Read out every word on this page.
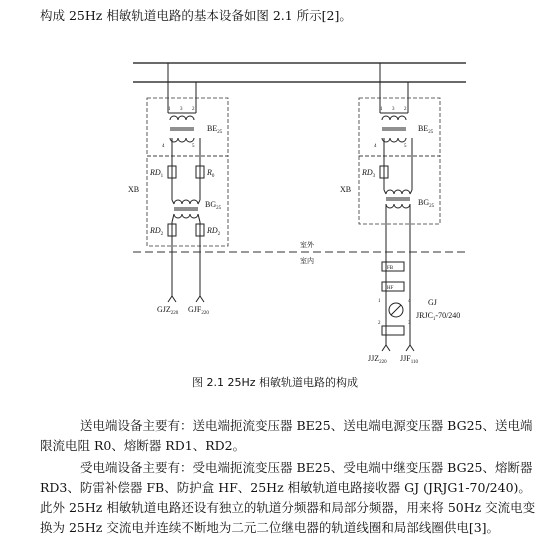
构成 25Hz 相敏轨道电路的基本设备如图 2.1 所示[2]。

1 3 2
4	5
$BE_{25}$
XB
$RD_1$	$R_0$
$BG_{25}$
$RD_2$	$RD_2$
$GJZ_{220}$ $GJF_{220}$
1 3 2
4	5
$BE_{25}$
XB
$RD_3$
$BG_{25}$
FB
HF
1	4
2	3
GJ
$JRJC_1-70/240$
$JJZ_{220}$ $JJF_{110}$
室外
室内
图 2.1 25Hz 相敏轨道电路的构成

送电端设备主要有：送电端扼流变压器 BE25、送电端电源变压器 BG25、送电端限流电阻 R0、熔断器 RD1、RD2。

受电端设备主要有：受电端扼流变压器 BE25、受电端中继变压器 BG25、熔断器 RD3、防雷补偿器 FB、防护盒 HF、25Hz 相敏轨道电路接收器 GJ (JRJG1-70/240)。此外 25Hz 相敏轨道电路还设有独立的轨道分频器和局部分频器，用来将 50Hz 交流电变换为 25Hz 交流电并连续不断地为二元二位继电器的轨道线圈和局部线圈供电[3]。
